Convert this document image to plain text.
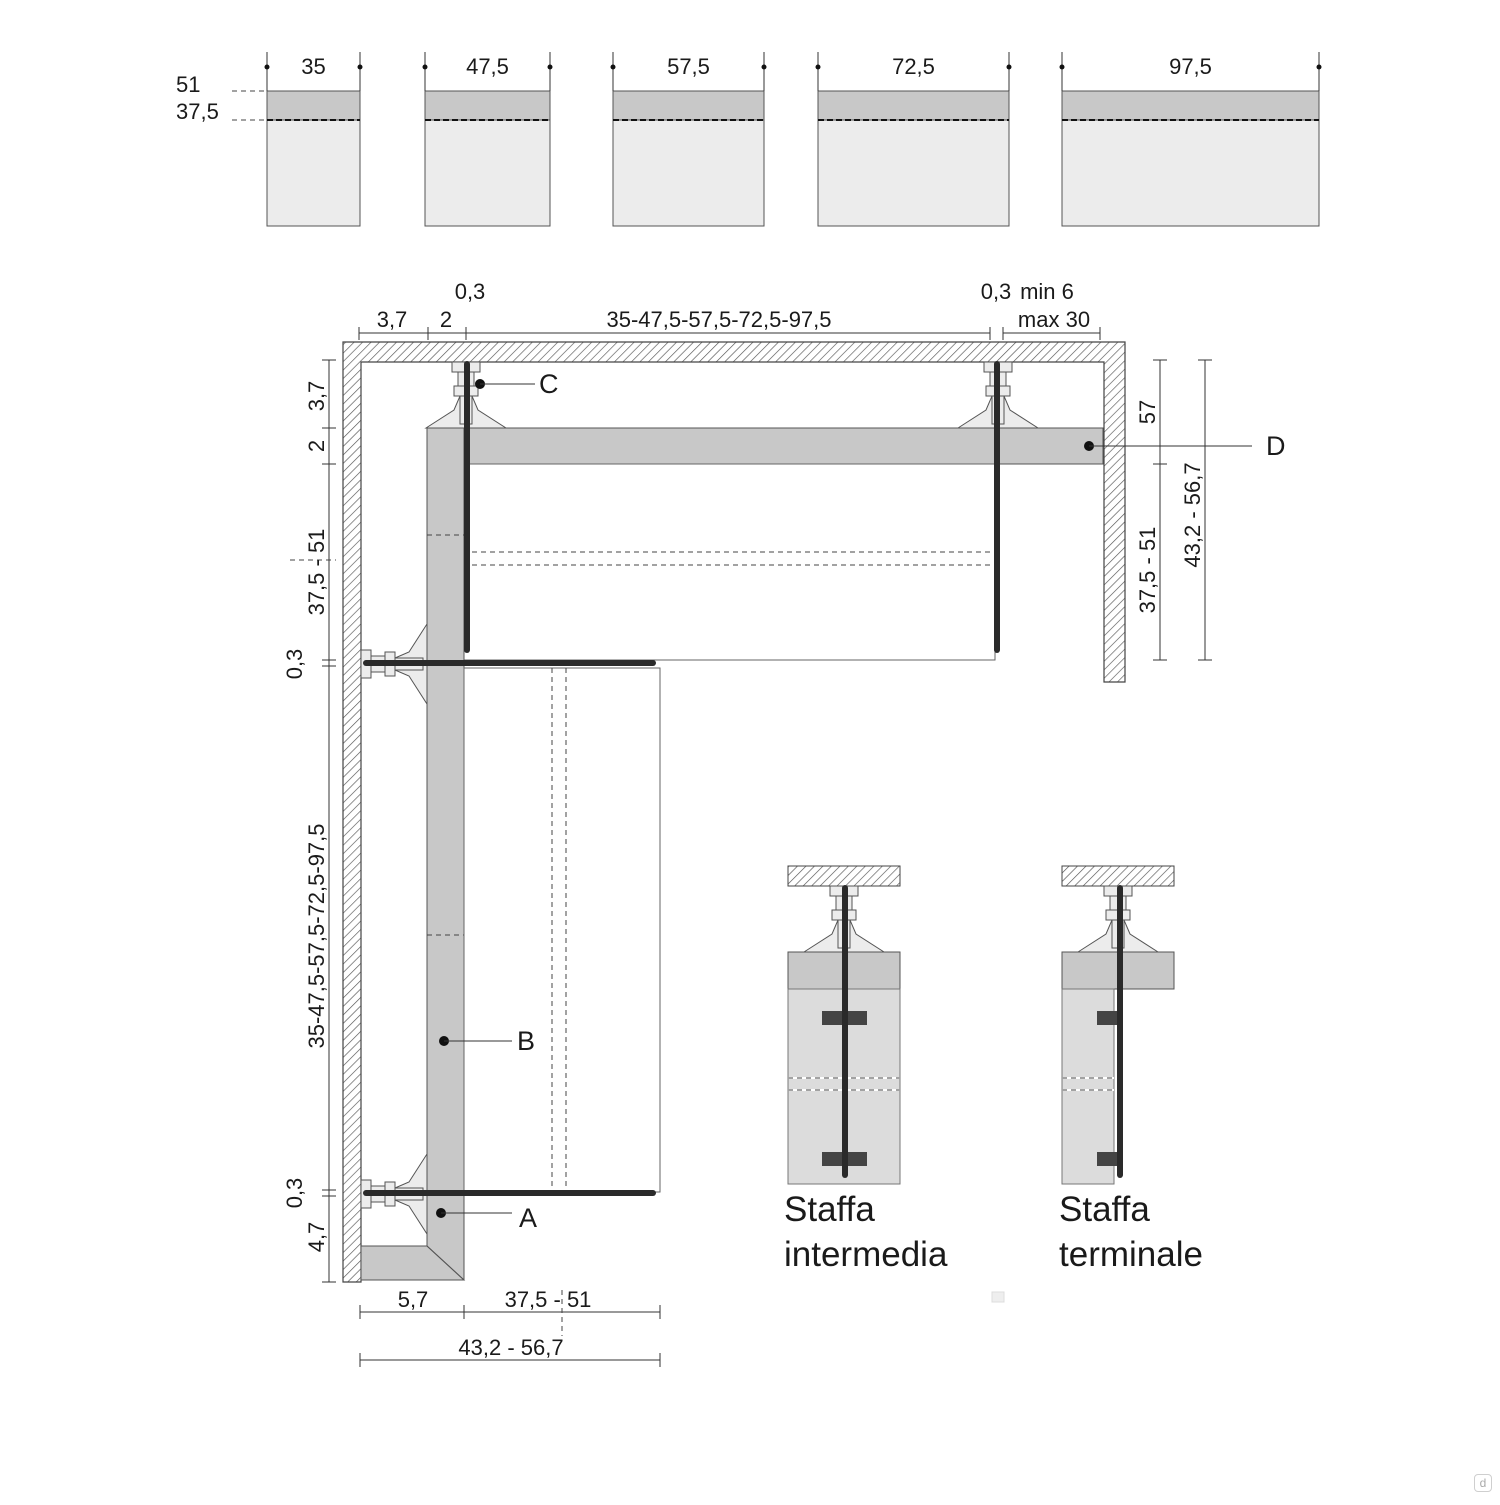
51
37,5
35	47,5	57,5	72,5	97,5
C
D
B
A
3,7 2
0,3
35-47,5-57,5-72,5-97,5
0,3 min 6
max 30
57
37,5 - 51
43,2 - 56,7
3,7
2
37,5 - 51
0,3
35-47,5-57,5-72,5-97,5
0,3
4,7
5,7	37,5 - 51
43,2 - 56,7
Staffa
intermedia
Staffa
terminale
d
